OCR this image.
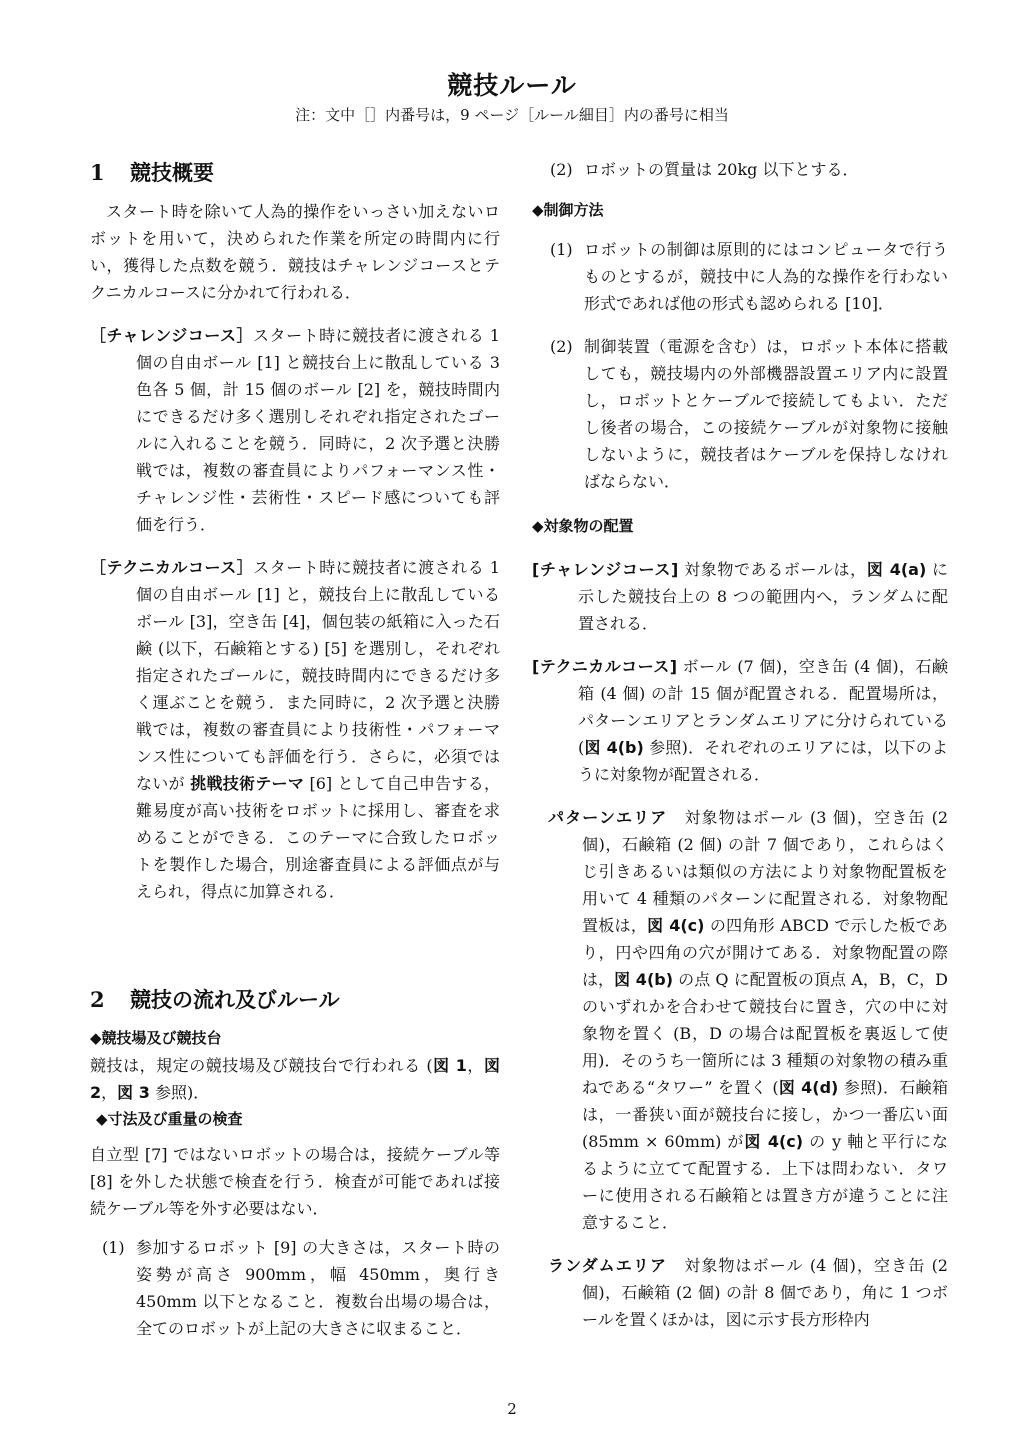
競技ルール
注：文中［］内番号は，9 ページ［ルール細目］内の番号に相当
1 競技概要

スタート時を除いて人為的操作をいっさい加えないロボットを用いて，決められた作業を所定の時間内に行い，獲得した点数を競う．競技はチャレンジコースとテクニカルコースに分かれて行われる．

［チャレンジコース］スタート時に競技者に渡される 1 個の自由ボール [1] と競技台上に散乱している 3 色各 5 個，計 15 個のボール [2] を，競技時間内にできるだけ多く選別しそれぞれ指定されたゴールに入れることを競う．同時に，2 次予選と決勝戦では，複数の審査員によりパフォーマンス性・チャレンジ性・芸術性・スピード感についても評価を行う．

［テクニカルコース］スタート時に競技者に渡される 1 個の自由ボール [1] と，競技台上に散乱しているボール [3]，空き缶 [4]，個包装の紙箱に入った石鹸 (以下，石鹸箱とする) [5] を選別し，それぞれ指定されたゴールに，競技時間内にできるだけ多く運ぶことを競う．また同時に，2 次予選と決勝戦では，複数の審査員により技術性・パフォーマンス性についても評価を行う．さらに，必須ではないが 挑戦技術テーマ [6] として自己申告する，難易度が高い技術をロボットに採用し、審査を求めることができる．このテーマに合致したロボットを製作した場合，別途審査員による評価点が与えられ，得点に加算される．

2 競技の流れ及びルール
◆競技場及び競技台

競技は，規定の競技場及び競技台で行われる (図 1，図 2，図 3 参照)．

◆寸法及び重量の検査

自立型 [7] ではないロボットの場合は，接続ケーブル等 [8] を外した状態で検査を行う．検査が可能であれば接続ケーブル等を外す必要はない．

(1) 参加するロボット [9] の大きさは，スタート時の姿勢が高さ 900mm，幅 450mm，奥行き 450mm 以下となること．複数台出場の場合は，全てのロボットが上記の大きさに収まること．
(2) ロボットの質量は 20kg 以下とする．
◆制御方法
(1) ロボットの制御は原則的にはコンピュータで行うものとするが，競技中に人為的な操作を行わない形式であれば他の形式も認められる [10]．
(2) 制御装置（電源を含む）は，ロボット本体に搭載しても，競技場内の外部機器設置エリア内に設置し，ロボットとケーブルで接続してもよい．ただし後者の場合，この接続ケーブルが対象物に接触しないように，競技者はケーブルを保持しなければならない．
◆対象物の配置

[チャレンジコース] 対象物であるボールは，図 4(a) に示した競技台上の 8 つの範囲内へ，ランダムに配置される．

[テクニカルコース] ボール (7 個)，空き缶 (4 個)，石鹸箱 (4 個) の計 15 個が配置される．配置場所は，パターンエリアとランダムエリアに分けられている (図 4(b) 参照)．それぞれのエリアには，以下のように対象物が配置される．

パターンエリア　対象物はボール (3 個)，空き缶 (2 個)，石鹸箱 (2 個) の計 7 個であり，これらはくじ引きあるいは類似の方法により対象物配置板を用いて 4 種類のパターンに配置される．対象物配置板は，図 4(c) の四角形 ABCD で示した板であり，円や四角の穴が開けてある．対象物配置の際は，図 4(b) の点 Q に配置板の頂点 A，B，C，D のいずれかを合わせて競技台に置き，穴の中に対象物を置く (B，D の場合は配置板を裏返して使用)．そのうち一箇所には 3 種類の対象物の積み重ねである“タワー” を置く (図 4(d) 参照)．石鹸箱は，一番狭い面が競技台に接し，かつ一番広い面 (85mm × 60mm) が図 4(c) の y 軸と平行になるように立てて配置する．上下は問わない．タワーに使用される石鹸箱とは置き方が違うことに注意すること．

ランダムエリア　対象物はボール (4 個)，空き缶 (2 個)，石鹸箱 (2 個) の計 8 個であり，角に 1 つボールを置くほかは，図に示す長方形枠内

2
